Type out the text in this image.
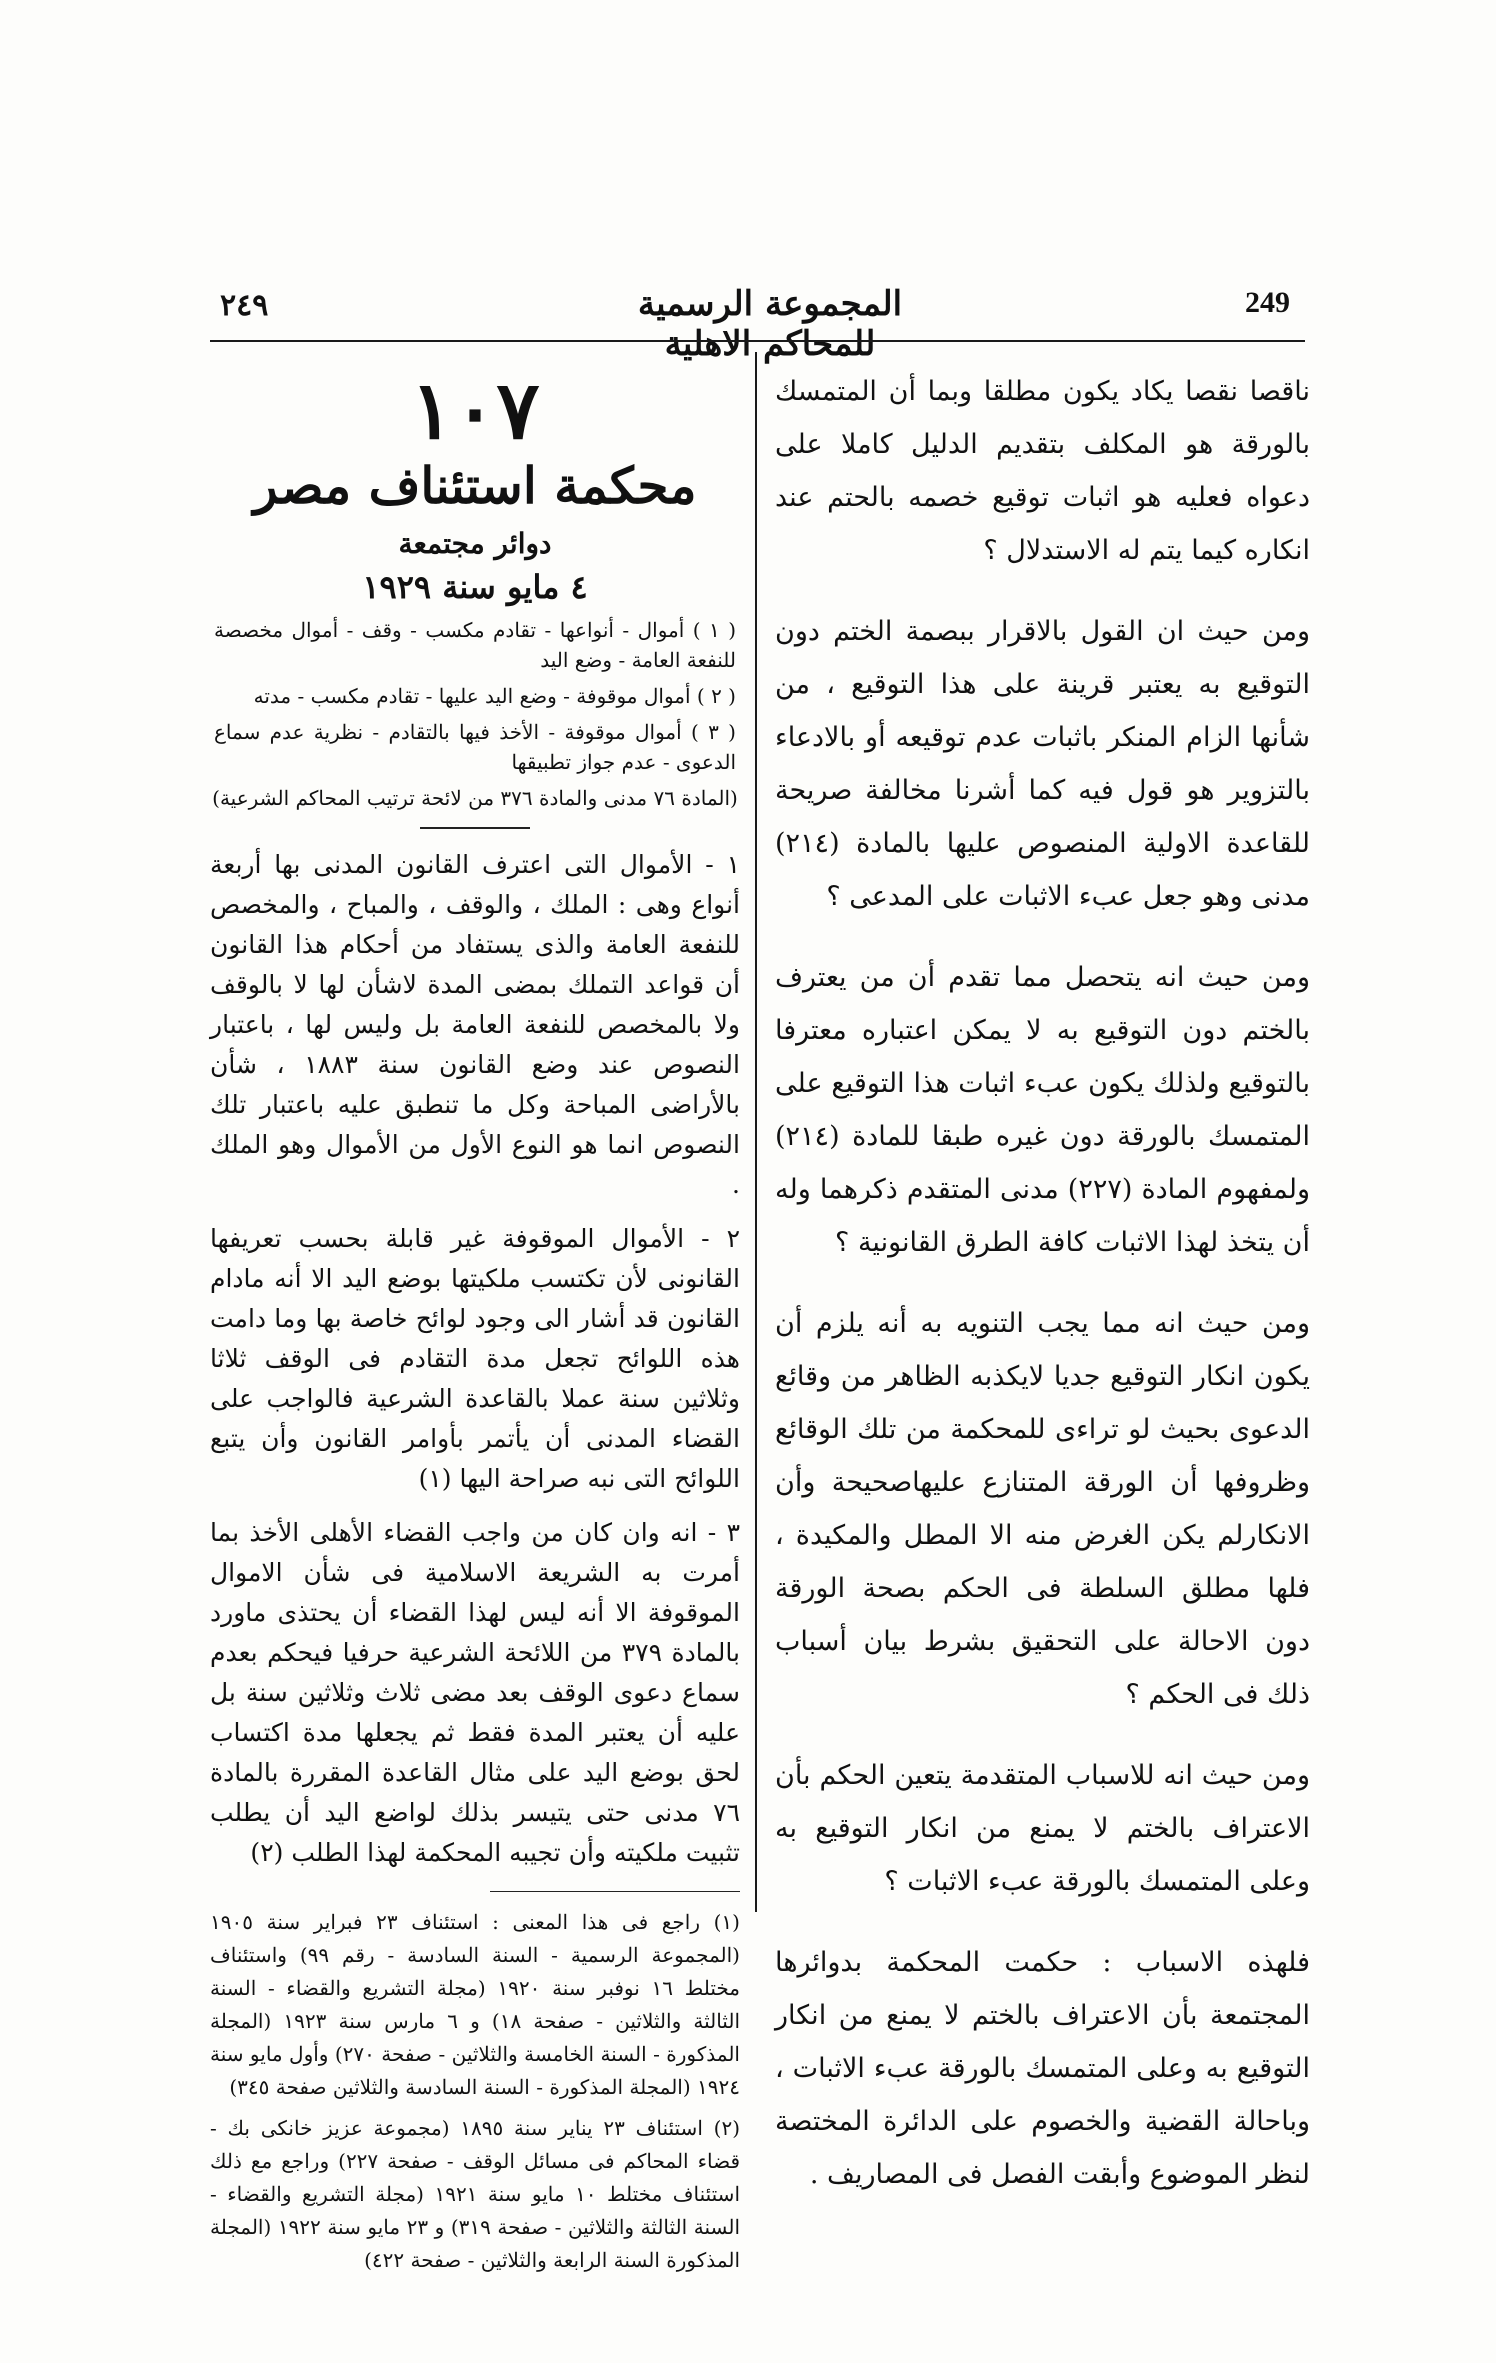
٢٤٩	المجموعة الرسمية للمحاكم الاهلية
249

ناقصا نقصا يكاد يكون مطلقا وبما أن المتمسك بالورقة هو المكلف بتقديم الدليل كاملا على دعواه فعليه هو اثبات توقيع خصمه بالحتم عند انكاره كيما يتم له الاستدلال ؟

ومن حيث ان القول بالاقرار ببصمة الختم دون التوقيع به يعتبر قرينة على هذا التوقيع ، من شأنها الزام المنكر باثبات عدم توقيعه أو بالادعاء بالتزوير هو قول فيه كما أشرنا مخالفة صريحة للقاعدة الاولية المنصوص عليها بالمادة (٢١٤) مدنى وهو جعل عبء الاثبات على المدعى ؟

ومن حيث انه يتحصل مما تقدم أن من يعترف بالختم دون التوقيع به لا يمكن اعتباره معترفا بالتوقيع ولذلك يكون عبء اثبات هذا التوقيع على المتمسك بالورقة دون غيره طبقا للمادة (٢١٤) ولمفهوم المادة (٢٢٧) مدنى المتقدم ذكرهما وله أن يتخذ لهذا الاثبات كافة الطرق القانونية ؟

ومن حيث انه مما يجب التنويه به أنه يلزم أن يكون انكار التوقيع جديا لايكذبه الظاهر من وقائع الدعوى بحيث لو تراءى للمحكمة من تلك الوقائع وظروفها أن الورقة المتنازع عليهاصحيحة وأن الانكارلم يكن الغرض منه الا المطل والمكيدة ، فلها مطلق السلطة فى الحكم بصحة الورقة دون الاحالة على التحقيق بشرط بيان أسباب ذلك فى الحكم ؟

ومن حيث انه للاسباب المتقدمة يتعين الحكم بأن الاعتراف بالختم لا يمنع من انكار التوقيع به وعلى المتمسك بالورقة عبء الاثبات ؟

فلهذه الاسباب : حكمت المحكمة بدوائرها المجتمعة بأن الاعتراف بالختم لا يمنع من انكار التوقيع به وعلى المتمسك بالورقة عبء الاثبات ، وباحالة القضية والخصوم على الدائرة المختصة لنظر الموضوع وأبقت الفصل فى المصاريف .

١٠٧
محكمة استئناف مصر
دوائر مجتمعة
٤ مايو سنة ١٩٢٩

( ١ ) أموال - أنواعها - تقادم مكسب - وقف - أموال مخصصة للنفعة العامة - وضع اليد

( ٢ ) أموال موقوفة - وضع اليد عليها - تقادم مكسب - مدته

( ٣ ) أموال موقوفة - الأخذ فيها بالتقادم - نظرية عدم سماع الدعوى - عدم جواز تطبيقها

(المادة ٧٦ مدنى والمادة ٣٧٦ من لائحة ترتيب المحاكم الشرعية)

١ - الأموال التى اعترف القانون المدنى بها أربعة أنواع وهى : الملك ، والوقف ، والمباح ، والمخصص للنفعة العامة والذى يستفاد من أحكام هذا القانون أن قواعد التملك بمضى المدة لاشأن لها لا بالوقف ولا بالمخصص للنفعة العامة بل وليس لها ، باعتبار النصوص عند وضع القانون سنة ١٨٨٣ ، شأن بالأراضى المباحة وكل ما تنطبق عليه باعتبار تلك النصوص انما هو النوع الأول من الأموال وهو الملك .

٢ - الأموال الموقوفة غير قابلة بحسب تعريفها القانونى لأن تكتسب ملكيتها بوضع اليد الا أنه مادام القانون قد أشار الى وجود لوائح خاصة بها وما دامت هذه اللوائح تجعل مدة التقادم فى الوقف ثلاثا وثلاثين سنة عملا بالقاعدة الشرعية فالواجب على القضاء المدنى أن يأتمر بأوامر القانون وأن يتبع اللوائح التى نبه صراحة اليها (١)

٣ - انه وان كان من واجب القضاء الأهلى الأخذ بما أمرت به الشريعة الاسلامية فى شأن الاموال الموقوفة الا أنه ليس لهذا القضاء أن يحتذى ماورد بالمادة ٣٧٩ من اللائحة الشرعية حرفيا فيحكم بعدم سماع دعوى الوقف بعد مضى ثلاث وثلاثين سنة بل عليه أن يعتبر المدة فقط ثم يجعلها مدة اكتساب لحق بوضع اليد على مثال القاعدة المقررة بالمادة ٧٦ مدنى حتى يتيسر بذلك لواضع اليد أن يطلب تثبيت ملكيته وأن تجيبه المحكمة لهذا الطلب (٢)

(١) راجع فى هذا المعنى : استئناف ٢٣ فبراير سنة ١٩٠٥ (المجموعة الرسمية - السنة السادسة - رقم ٩٩) واستئناف مختلط ١٦ نوفبر سنة ١٩٢٠ (مجلة التشريع والقضاء - السنة الثالثة والثلاثين - صفحة ١٨) و ٦ مارس سنة ١٩٢٣ (المجلة المذكورة - السنة الخامسة والثلاثين - صفحة ٢٧٠) وأول مايو سنة ١٩٢٤ (المجلة المذكورة - السنة السادسة والثلاثين صفحة ٣٤٥)

(٢) استئناف ٢٣ يناير سنة ١٨٩٥ (مجموعة عزيز خانكى بك - قضاء المحاكم فى مسائل الوقف - صفحة ٢٢٧) وراجع مع ذلك استئناف مختلط ١٠ مايو سنة ١٩٢١ (مجلة التشريع والقضاء - السنة الثالثة والثلاثين - صفحة ٣١٩) و ٢٣ مايو سنة ١٩٢٢ (المجلة المذكورة السنة الرابعة والثلاثين - صفحة ٤٢٢)
